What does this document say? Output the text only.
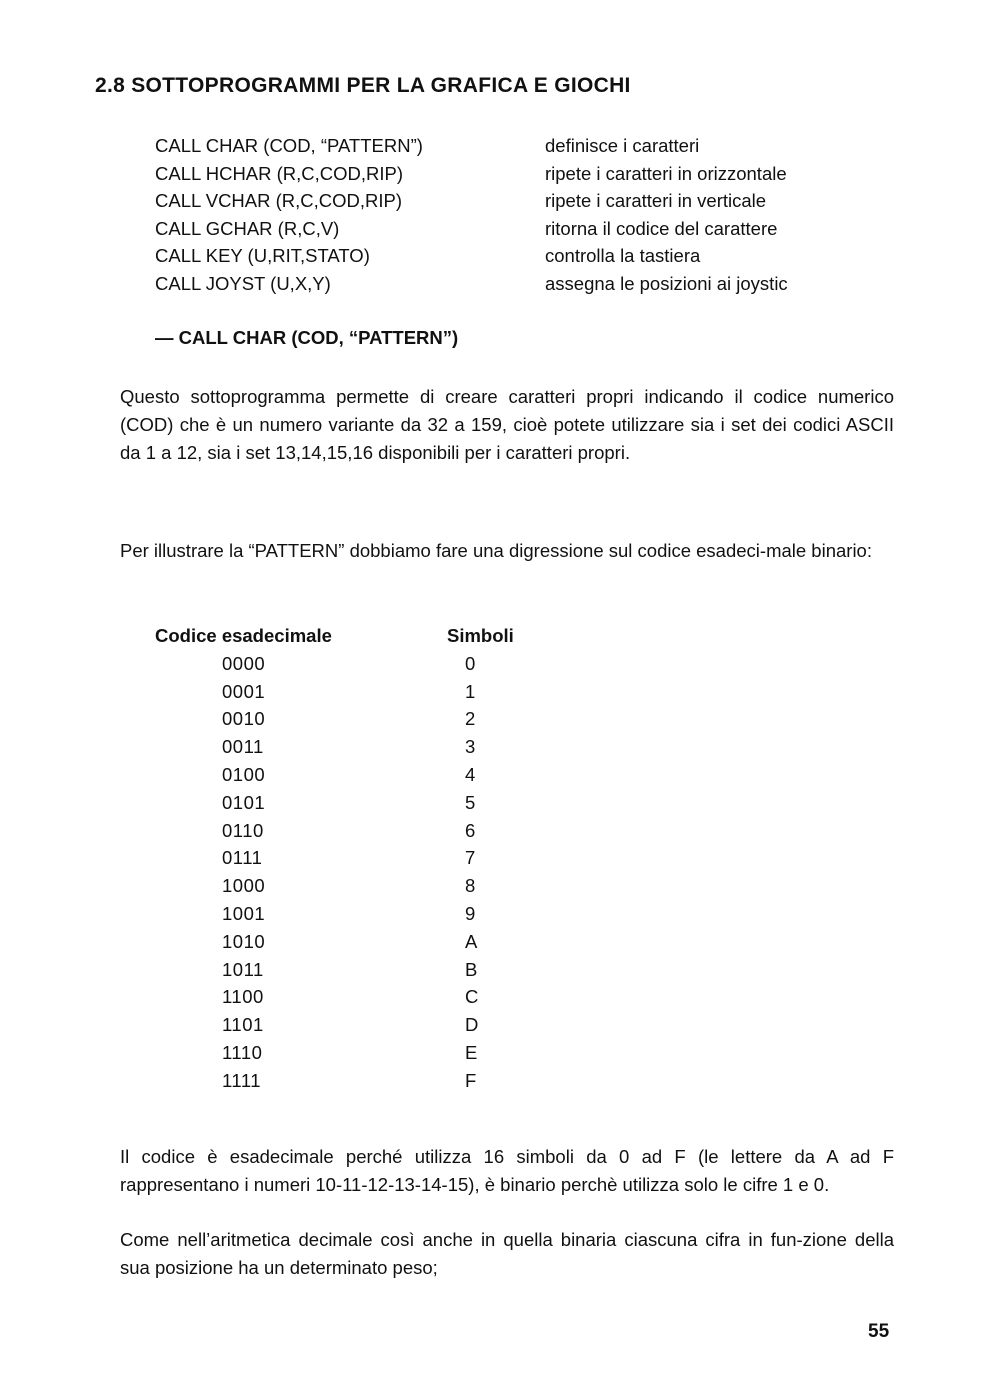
2.8 SOTTOPROGRAMMI PER LA GRAFICA E GIOCHI
CALL CHAR (COD, “PATTERN”)	definisce i caratteri
CALL HCHAR (R,C,COD,RIP)	ripete i caratteri in orizzontale
CALL VCHAR (R,C,COD,RIP)	ripete i caratteri in verticale
CALL GCHAR (R,C,V)	ritorna il codice del carattere
CALL KEY (U,RIT,STATO)	controlla la tastiera
CALL JOYST (U,X,Y)	assegna le posizioni ai joystic
— CALL CHAR (COD, “PATTERN”)

Questo sottoprogramma permette di creare caratteri propri indicando il codice numerico (COD) che è un numero variante da 32 a 159, cioè potete utilizzare sia i set dei codici ASCII da 1 a 12, sia i set 13,14,15,16 disponibili per i caratteri propri.

Per illustrare la “PATTERN” dobbiamo fare una digressione sul codice esadeci-male binario:

Codice esadecimale	Simboli
0000	0
0001	1
0010	2
0011	3
0100	4
0101	5
0110	6
0111	7
1000	8
1001	9
1010	A
1011	B
1100	C
1101	D
1110	E
1111	F

Il codice è esadecimale perché utilizza 16 simboli da 0 ad F (le lettere da A ad F rappresentano i numeri 10-11-12-13-14-15), è binario perchè utilizza solo le cifre 1 e 0.

Come nell’aritmetica decimale così anche in quella binaria ciascuna cifra in fun-zione della sua posizione ha un determinato peso;

55
